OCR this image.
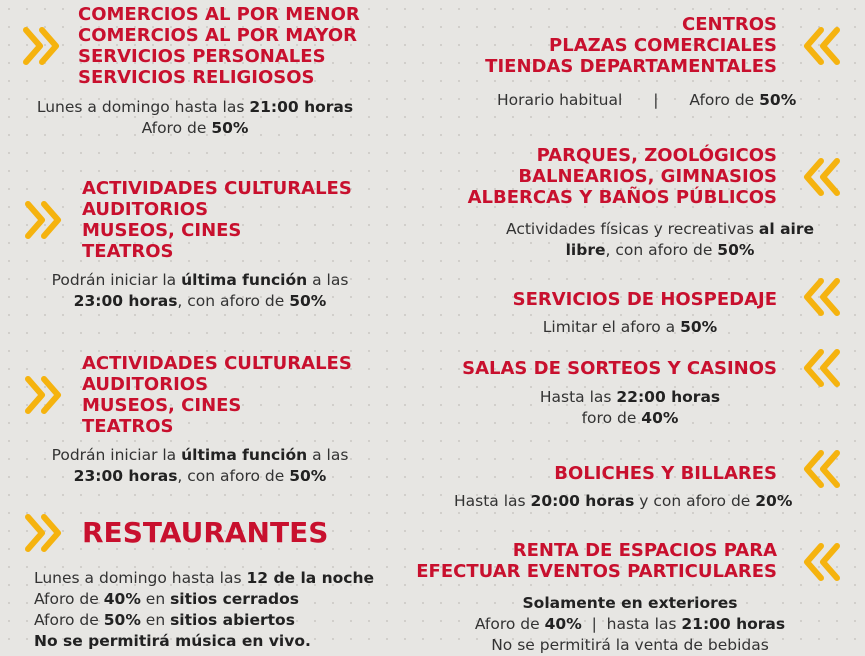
COMERCIOS AL POR MENOR
COMERCIOS AL POR MAYOR
SERVICIOS PERSONALES
SERVICIOS RELIGIOSOS
Lunes a domingo hasta las 21:00 horas
Aforo de 50%
ACTIVIDADES CULTURALES
AUDITORIOS
MUSEOS, CINES
TEATROS
Podrán iniciar la última función a las
23:00 horas, con aforo de 50%
ACTIVIDADES CULTURALES
AUDITORIOS
MUSEOS, CINES
TEATROS
Podrán iniciar la última función a las
23:00 horas, con aforo de 50%
RESTAURANTES
Lunes a domingo hasta las 12 de la noche
Aforo de 40% en sitios cerrados
Aforo de 50% en sitios abiertos
No se permitirá música en vivo.
CENTROS
PLAZAS COMERCIALES
TIENDAS DEPARTAMENTALES
Horario habitual | Aforo de 50%
PARQUES, ZOOLÓGICOS
BALNEARIOS, GIMNASIOS
ALBERCAS Y BAÑOS PÚBLICOS
Actividades físicas y recreativas al aire
libre, con aforo de 50%
SERVICIOS DE HOSPEDAJE
Limitar el aforo a 50%
SALAS DE SORTEOS Y CASINOS
Hasta las 22:00 horas
foro de 40%
BOLICHES Y BILLARES
Hasta las 20:00 horas y con aforo de 20%
RENTA DE ESPACIOS PARA
EFECTUAR EVENTOS PARTICULARES
Solamente en exteriores
Aforo de 40%  |  hasta las 21:00 horas
No se permitirá la venta de bebidas
